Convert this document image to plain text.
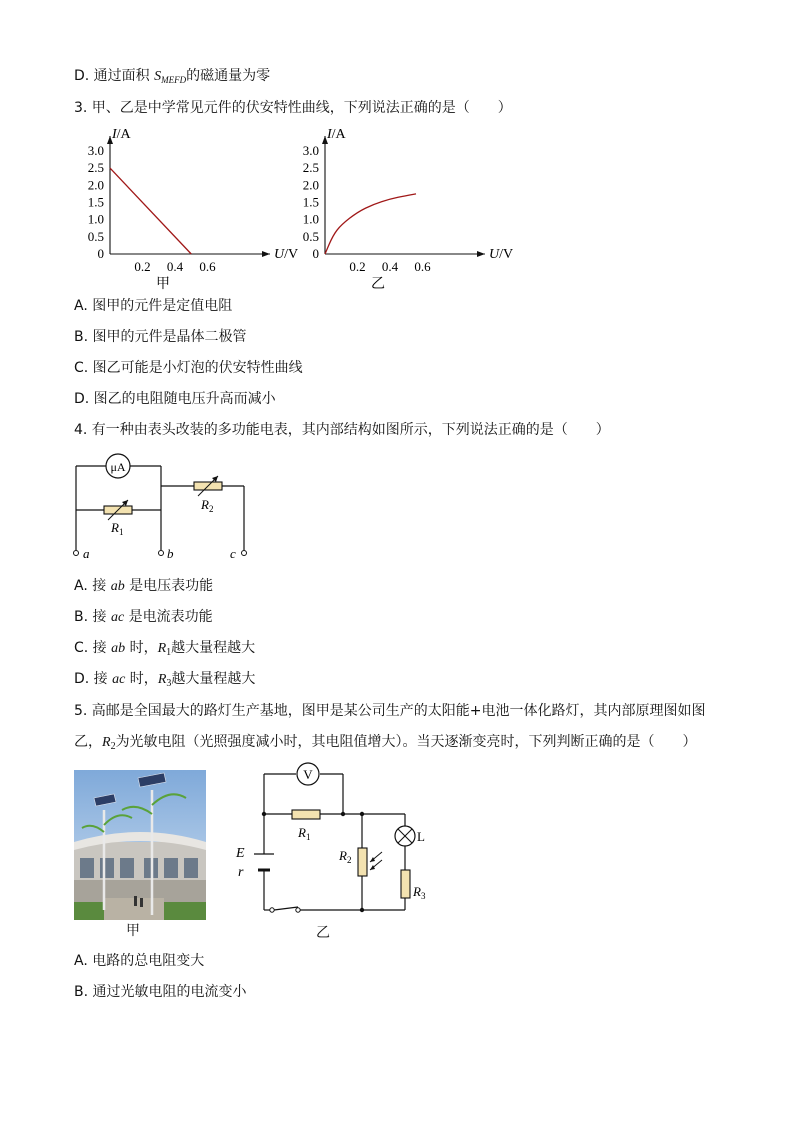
D. 通过面积 $S_{MEFD}$的磁通量为零
3. 甲、乙是中学常见元件的伏安特性曲线，下列说法正确的是（　　）
I/A
U/V
3.0
2.5
2.0
1.5
1.0
0.5
0
0.2 0.4 0.6
甲
I/A
U/V
3.0
2.5
2.0
1.5
1.0
0.5
0
0.2 0.4 0.6
乙
A. 图甲的元件是定值电阻
B. 图甲的元件是晶体二极管
C. 图乙可能是小灯泡的伏安特性曲线
D. 图乙的电阻随电压升高而减小
4. 有一种由表头改装的多功能电表，其内部结构如图所示，下列说法正确的是（　　）
μA
$R_1$
$R_2$
a	b	c
A. 接 ab 是电压表功能
B. 接 ac 是电流表功能
C. 接 ab 时，$R_1$越大量程越大
D. 接 ac 时，$R_3$越大量程越大
5. 高邮是全国最大的路灯生产基地，图甲是某公司生产的太阳能+电池一体化路灯，其内部原理图如图
乙，$R_2$为光敏电阻（光照强度减小时，其电阻值增大）。当天逐渐变亮时，下列判断正确的是（　　）
甲
E
r
V
$R_1$
$R_2$
L
$R_3$
乙
A. 电路的总电阻变大
B. 通过光敏电阻的电流变小
